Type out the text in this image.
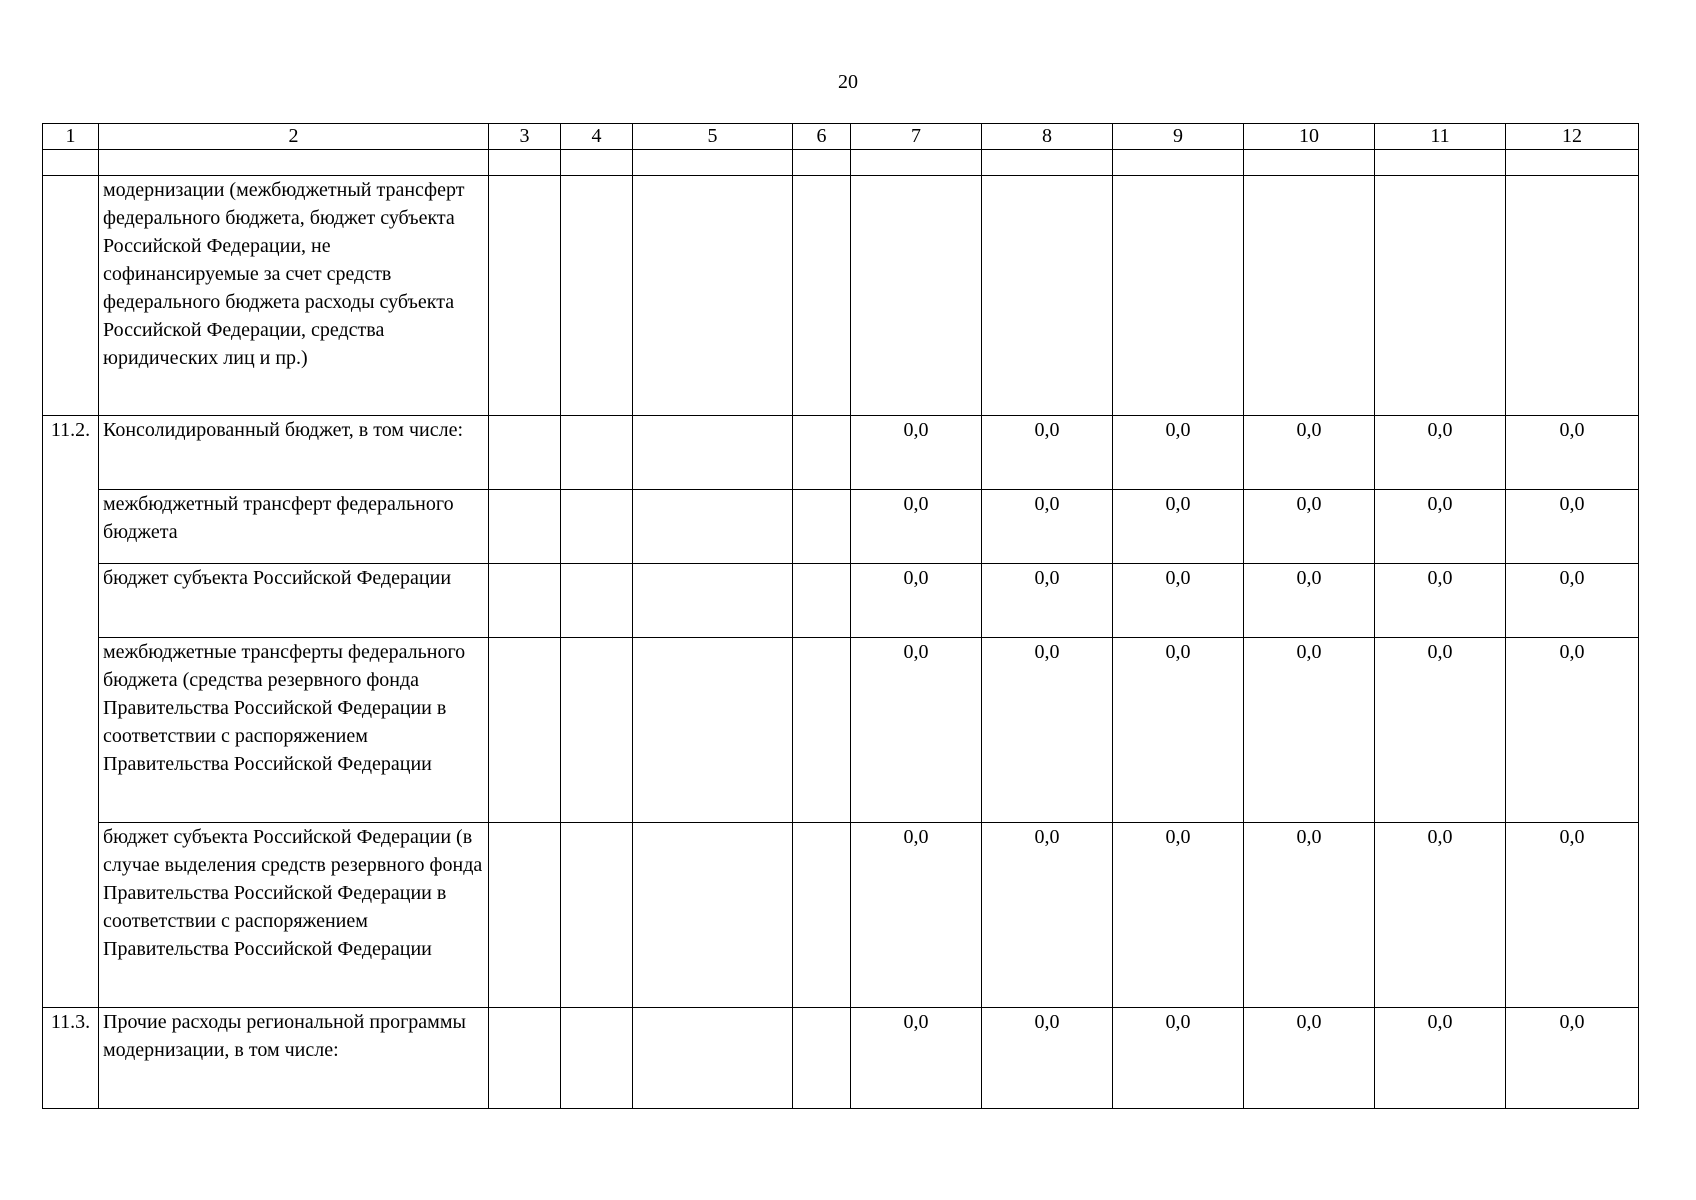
20
1	2	3	4	5	6	7	8	9	10	11	12

	модернизации (межбюджетный трансферт федерального бюджета, бюджет субъекта Российской Федерации, не софинансируемые за счет средств федерального бюджета расходы субъекта Российской Федерации, средства юридических лиц и пр.)										
11.2.	Консолидированный бюджет, в том числе:					0,0	0,0	0,0	0,0	0,0	0,0
	межбюджетный трансферт федерального бюджета					0,0	0,0	0,0	0,0	0,0	0,0
	бюджет субъекта Российской Федерации					0,0	0,0	0,0	0,0	0,0	0,0
	межбюджетные трансферты федерального бюджета (средства резервного фонда Правительства Российской Федерации в соответствии с распоряжением Правительства Российской Федерации					0,0	0,0	0,0	0,0	0,0	0,0
	бюджет субъекта Российской Федерации (в случае выделения средств резервного фонда Правительства Российской Федерации в соответствии с распоряжением Правительства Российской Федерации					0,0	0,0	0,0	0,0	0,0	0,0
11.3.	Прочие расходы региональной программы модернизации, в том числе:					0,0	0,0	0,0	0,0	0,0	0,0
